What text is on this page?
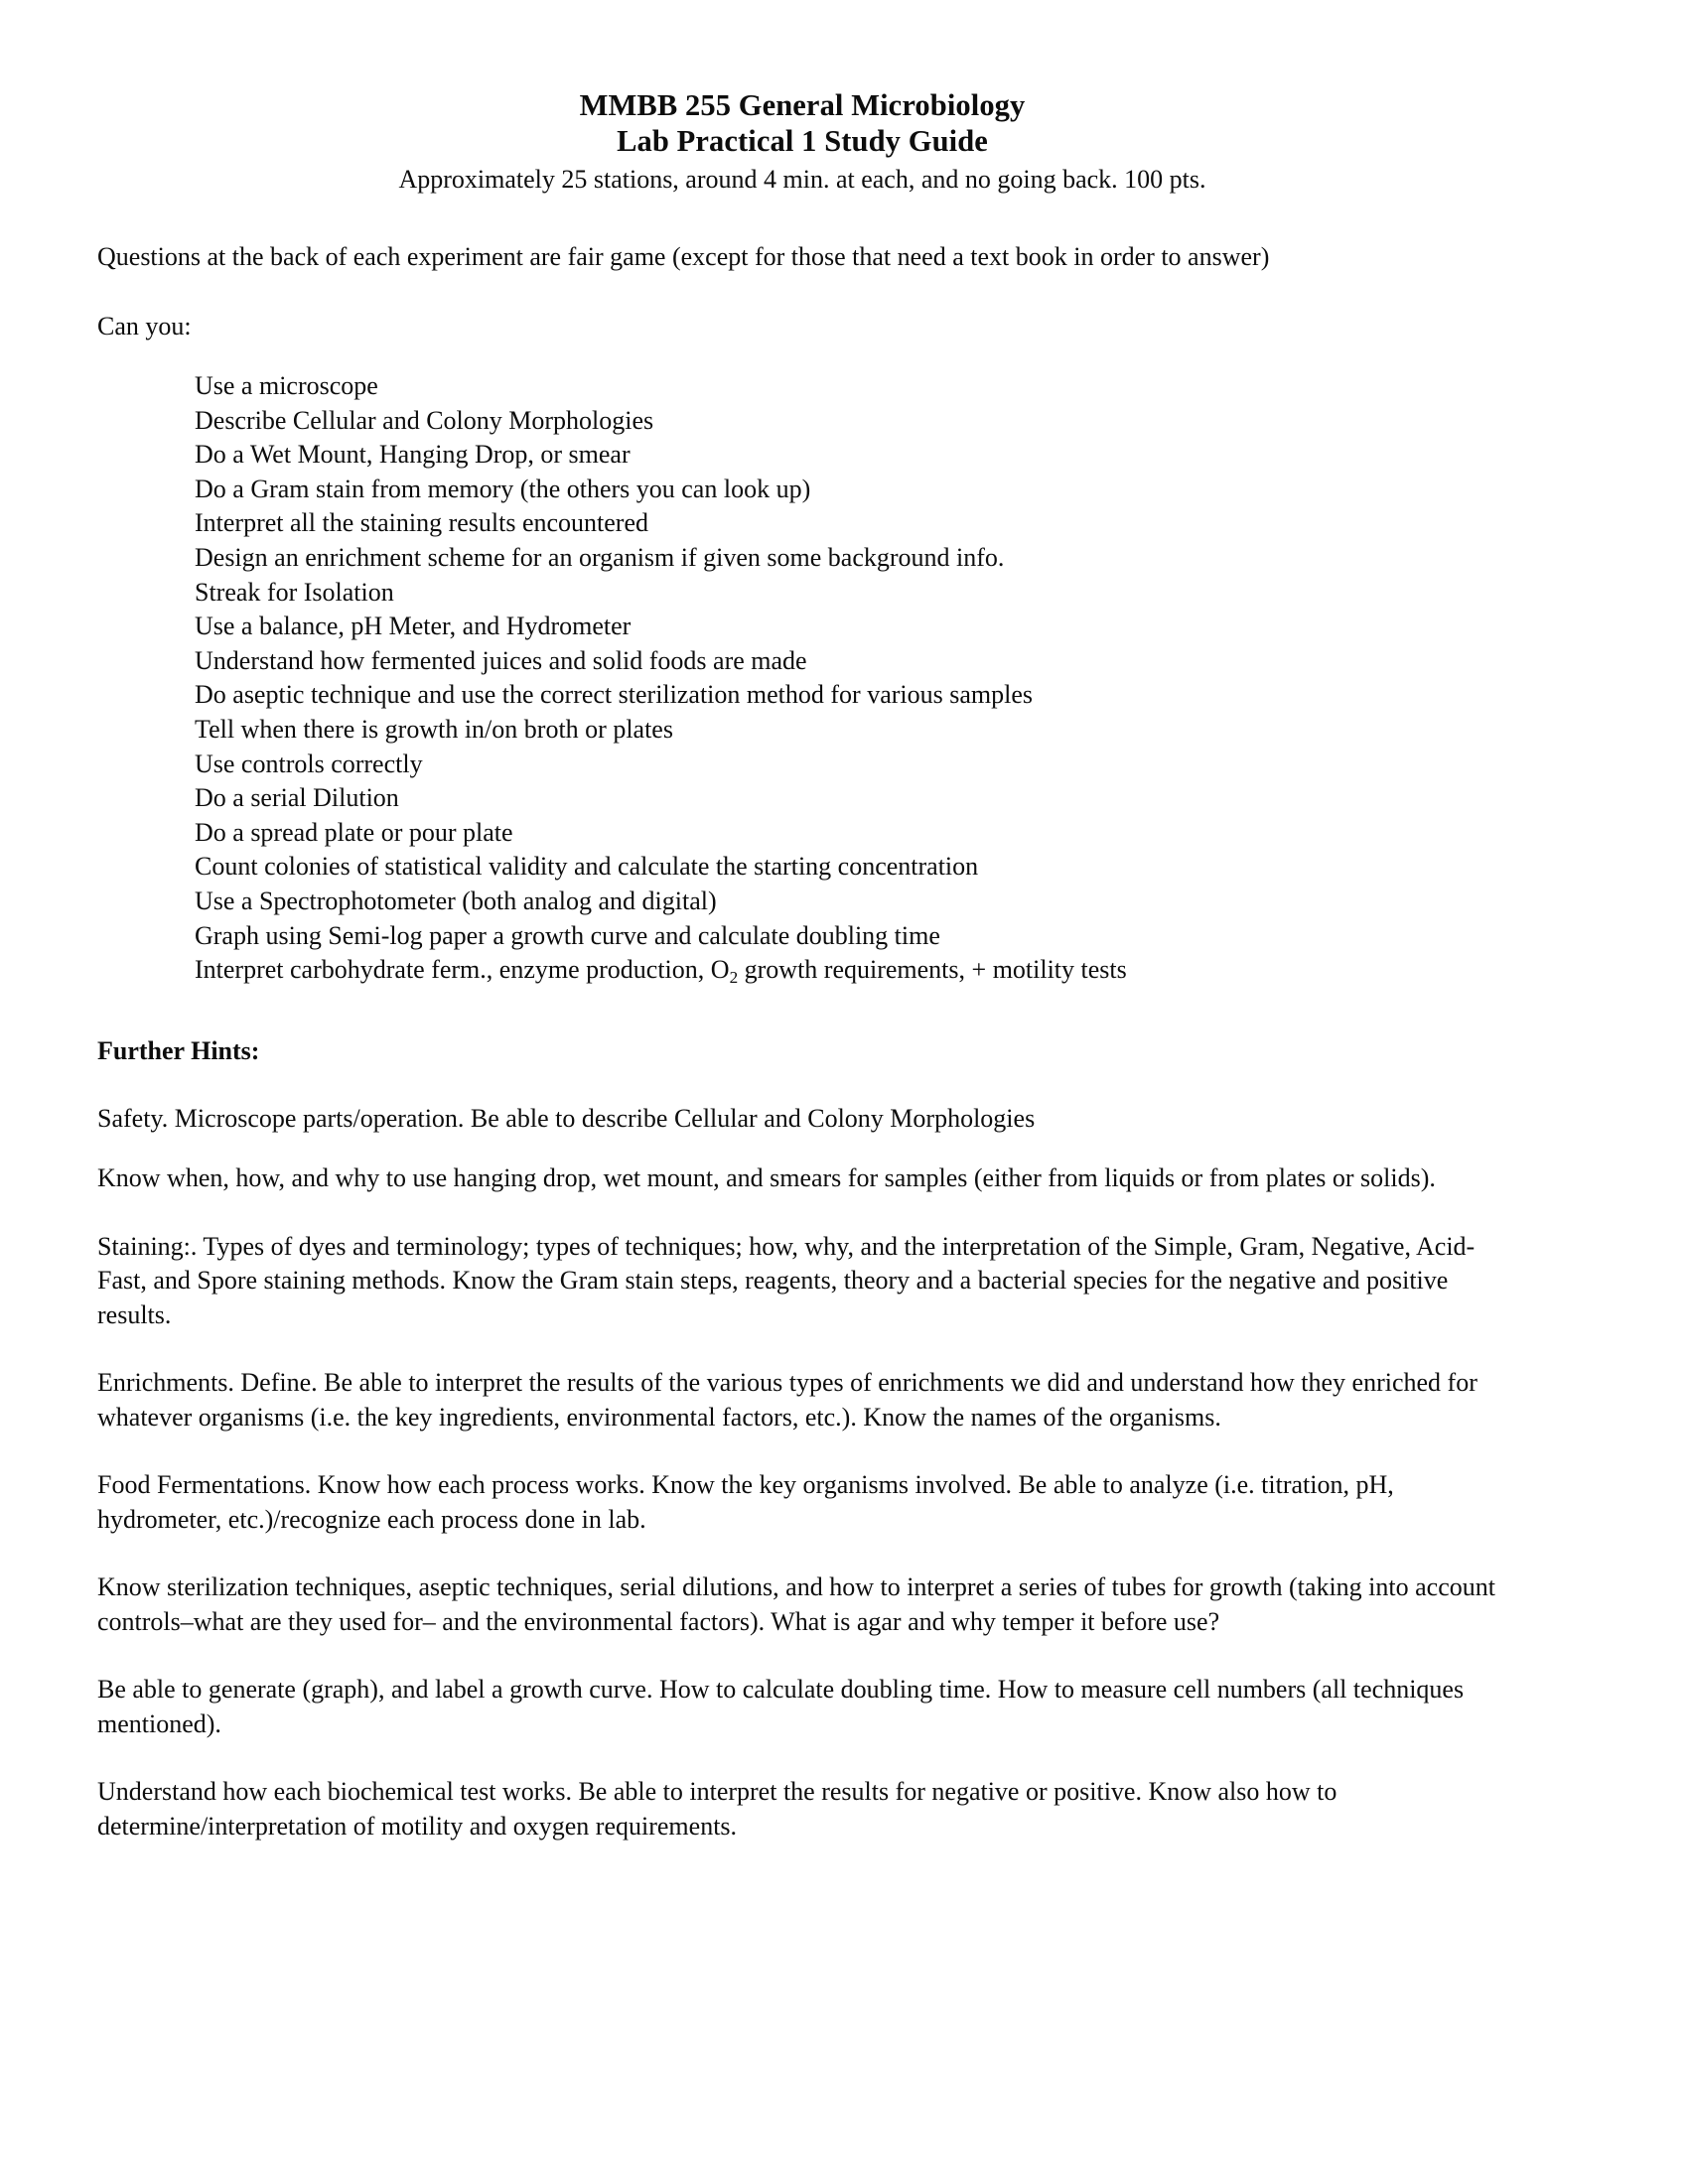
MMBB 255 General Microbiology
Lab Practical 1 Study Guide
Approximately 25 stations, around 4 min. at each, and no going back. 100 pts.

Questions at the back of each experiment are fair game (except for those that need a text book in order to answer)

Can you:

Use a microscope
Describe Cellular and Colony Morphologies
Do a Wet Mount, Hanging Drop, or smear
Do a Gram stain from memory (the others you can look up)
Interpret all the staining results encountered
Design an enrichment scheme for an organism if given some background info.
Streak for Isolation
Use a balance, pH Meter, and Hydrometer
Understand how fermented juices and solid foods are made
Do aseptic technique and use the correct sterilization method for various samples
Tell when there is growth in/on broth or plates
Use controls correctly
Do a serial Dilution
Do a spread plate or pour plate
Count colonies of statistical validity and calculate the starting concentration
Use a Spectrophotometer (both analog and digital)
Graph using Semi-log paper a growth curve and calculate doubling time
Interpret carbohydrate ferm., enzyme production, $O_2$ growth requirements, + motility tests

Further Hints:

Safety. Microscope parts/operation. Be able to describe Cellular and Colony Morphologies

Know when, how, and why to use hanging drop, wet mount, and smears for samples (either from liquids or from plates or solids).

Staining:. Types of dyes and terminology; types of techniques; how, why, and the interpretation of the Simple, Gram, Negative, Acid-Fast, and Spore staining methods. Know the Gram stain steps, reagents, theory and a bacterial species for the negative and positive results.

Enrichments. Define. Be able to interpret the results of the various types of enrichments we did and understand how they enriched for whatever organisms (i.e. the key ingredients, environmental factors, etc.). Know the names of the organisms.

Food Fermentations. Know how each process works. Know the key organisms involved. Be able to analyze (i.e. titration, pH, hydrometer, etc.)/recognize each process done in lab.

Know sterilization techniques, aseptic techniques, serial dilutions, and how to interpret a series of tubes for growth (taking into account controls–what are they used for– and the environmental factors). What is agar and why temper it before use?

Be able to generate (graph), and label a growth curve. How to calculate doubling time. How to measure cell numbers (all techniques mentioned).

Understand how each biochemical test works. Be able to interpret the results for negative or positive. Know also how to determine/interpretation of motility and oxygen requirements.
